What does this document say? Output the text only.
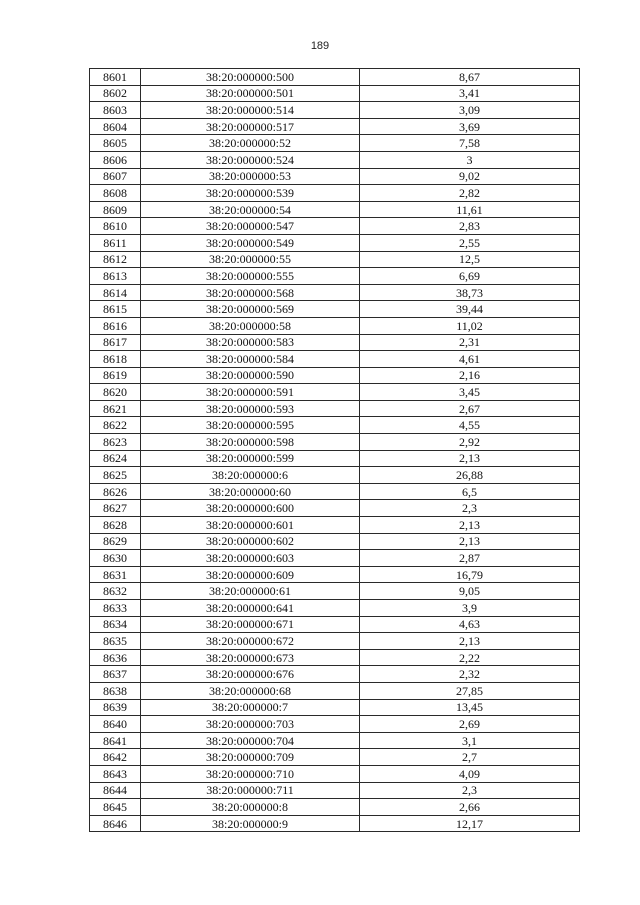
189
8601	38:20:000000:500	8,67
8602	38:20:000000:501	3,41
8603	38:20:000000:514	3,09
8604	38:20:000000:517	3,69
8605	38:20:000000:52	7,58
8606	38:20:000000:524	3
8607	38:20:000000:53	9,02
8608	38:20:000000:539	2,82
8609	38:20:000000:54	11,61
8610	38:20:000000:547	2,83
8611	38:20:000000:549	2,55
8612	38:20:000000:55	12,5
8613	38:20:000000:555	6,69
8614	38:20:000000:568	38,73
8615	38:20:000000:569	39,44
8616	38:20:000000:58	11,02
8617	38:20:000000:583	2,31
8618	38:20:000000:584	4,61
8619	38:20:000000:590	2,16
8620	38:20:000000:591	3,45
8621	38:20:000000:593	2,67
8622	38:20:000000:595	4,55
8623	38:20:000000:598	2,92
8624	38:20:000000:599	2,13
8625	38:20:000000:6	26,88
8626	38:20:000000:60	6,5
8627	38:20:000000:600	2,3
8628	38:20:000000:601	2,13
8629	38:20:000000:602	2,13
8630	38:20:000000:603	2,87
8631	38:20:000000:609	16,79
8632	38:20:000000:61	9,05
8633	38:20:000000:641	3,9
8634	38:20:000000:671	4,63
8635	38:20:000000:672	2,13
8636	38:20:000000:673	2,22
8637	38:20:000000:676	2,32
8638	38:20:000000:68	27,85
8639	38:20:000000:7	13,45
8640	38:20:000000:703	2,69
8641	38:20:000000:704	3,1
8642	38:20:000000:709	2,7
8643	38:20:000000:710	4,09
8644	38:20:000000:711	2,3
8645	38:20:000000:8	2,66
8646	38:20:000000:9	12,17
